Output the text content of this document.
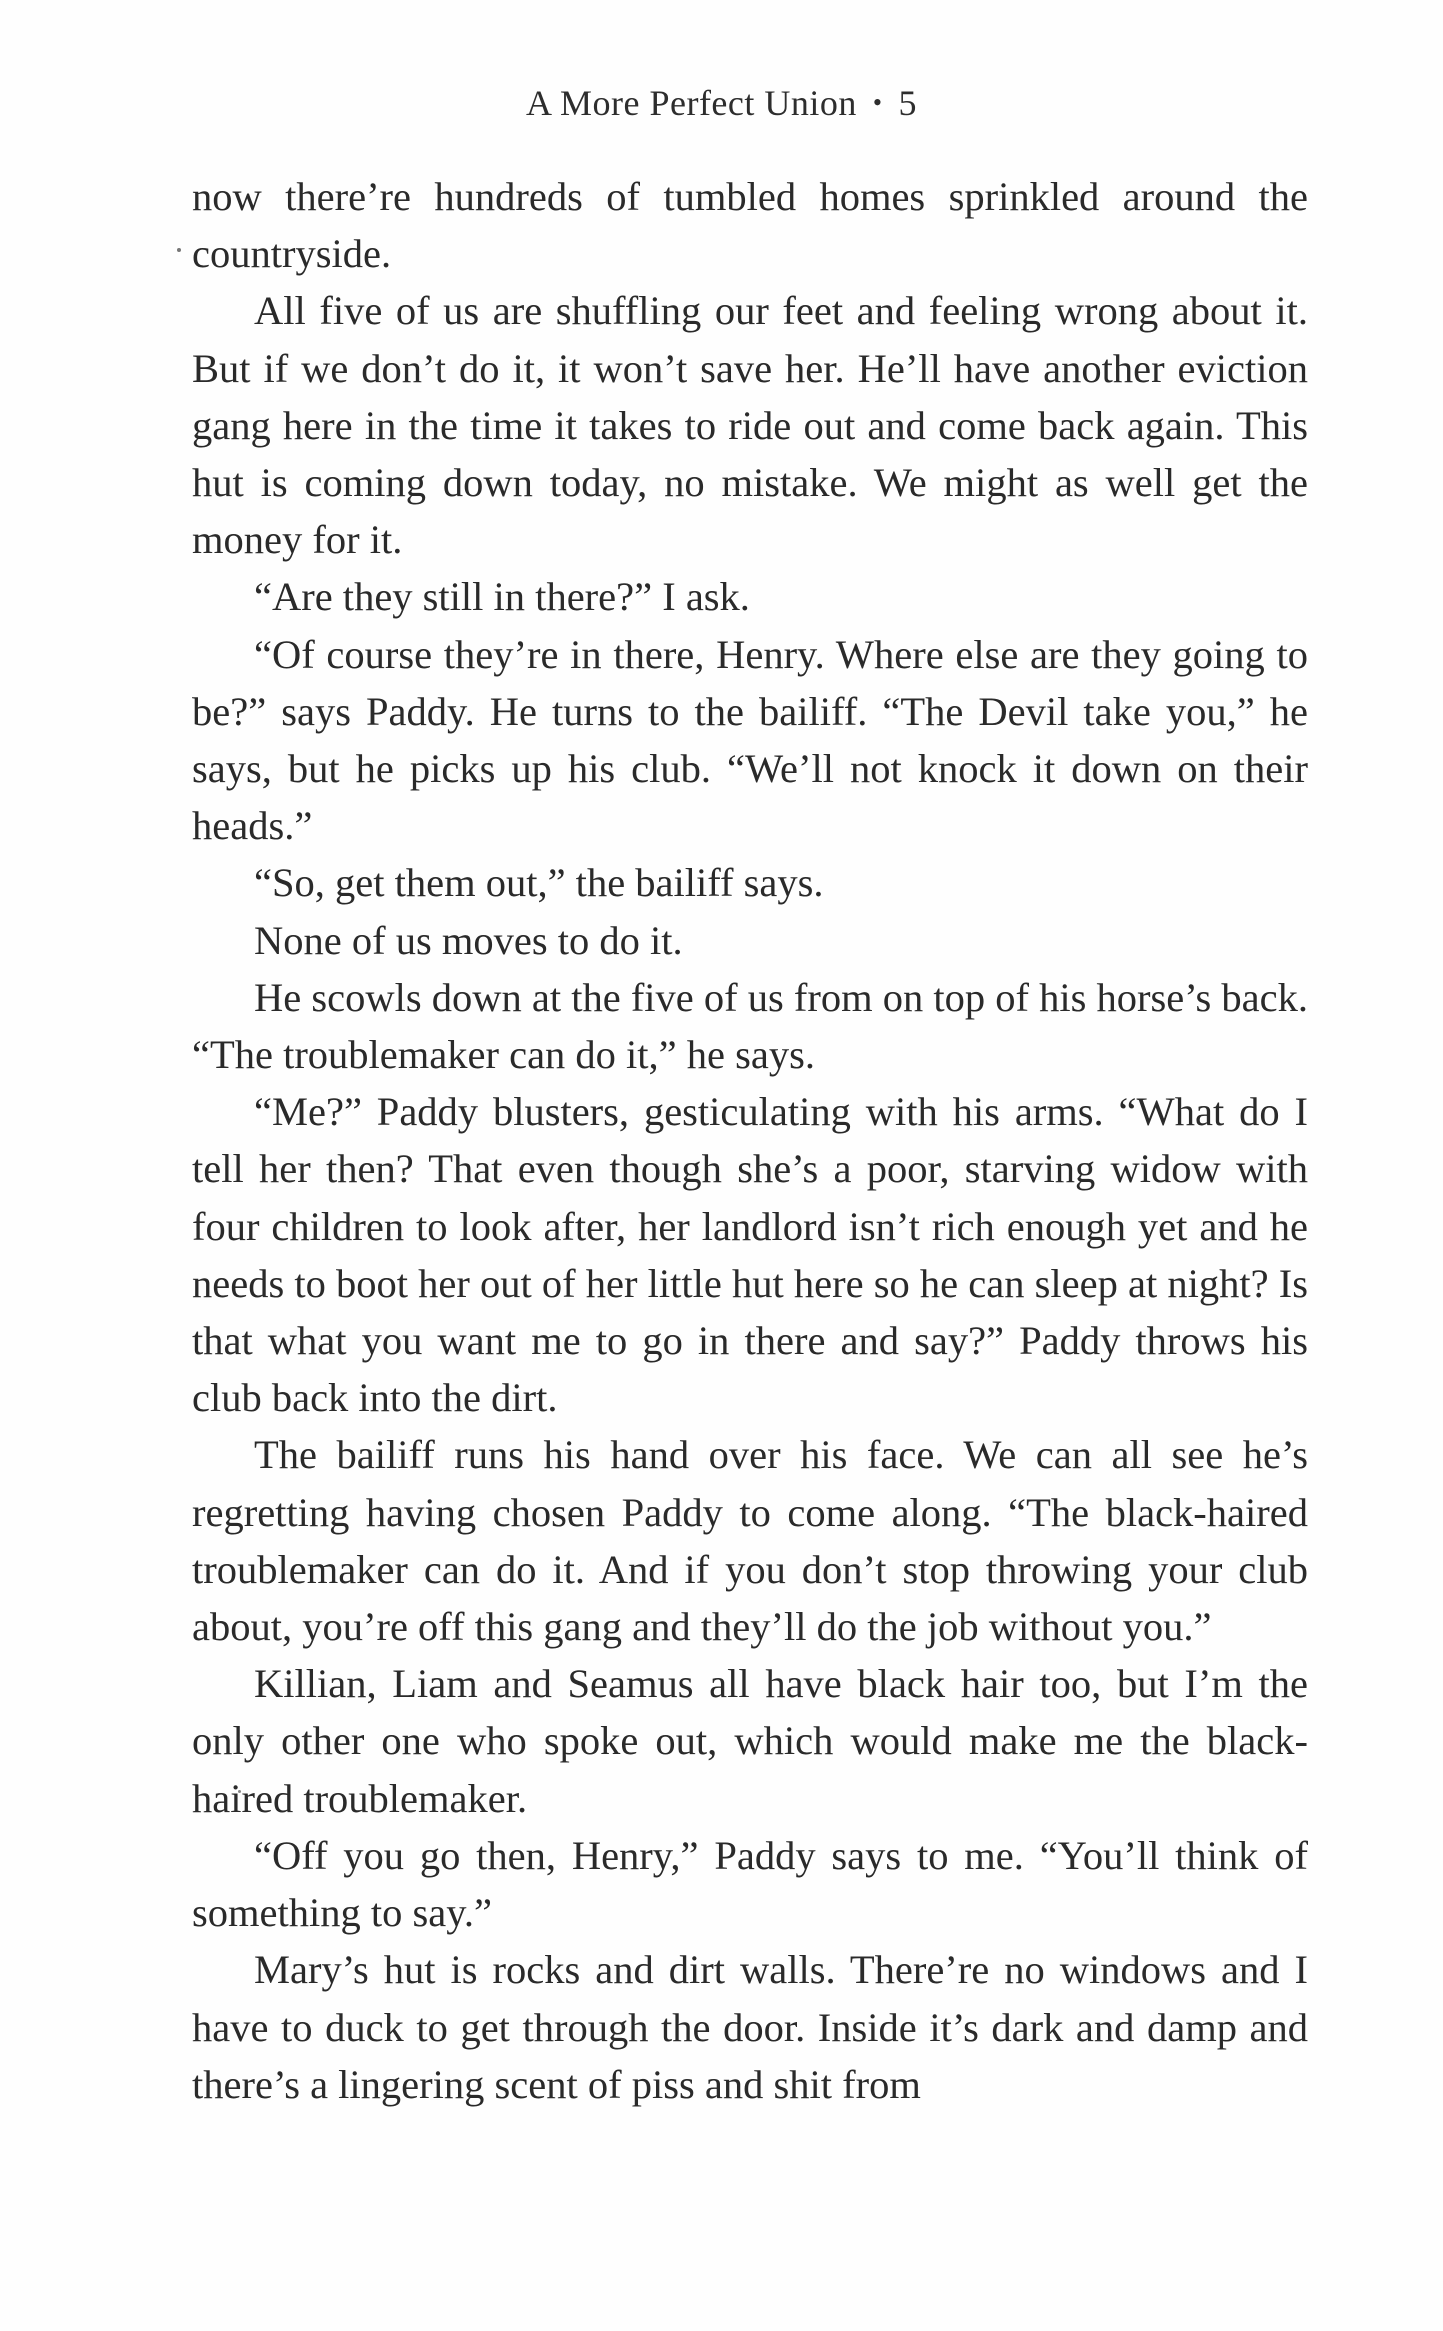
A More Perfect Union • 5

now there’re hundreds of tumbled homes sprinkled around the countryside.

All five of us are shuffling our feet and feeling wrong about it. But if we don’t do it, it won’t save her. He’ll have another eviction gang here in the time it takes to ride out and come back again. This hut is coming down today, no mistake. We might as well get the money for it.

“Are they still in there?” I ask.

“Of course they’re in there, Henry. Where else are they going to be?” says Paddy. He turns to the bailiff. “The Devil take you,” he says, but he picks up his club. “We’ll not knock it down on their heads.”

“So, get them out,” the bailiff says.

None of us moves to do it.

He scowls down at the five of us from on top of his horse’s back. “The troublemaker can do it,” he says.

“Me?” Paddy blusters, gesticulating with his arms. “What do I tell her then? That even though she’s a poor, starving widow with four children to look after, her landlord isn’t rich enough yet and he needs to boot her out of her little hut here so he can sleep at night? Is that what you want me to go in there and say?” Paddy throws his club back into the dirt.

The bailiff runs his hand over his face. We can all see he’s regretting having chosen Paddy to come along. “The black-haired troublemaker can do it. And if you don’t stop throwing your club about, you’re off this gang and they’ll do the job without you.”

Killian, Liam and Seamus all have black hair too, but I’m the only other one who spoke out, which would make me the black-haired troublemaker.

“Off you go then, Henry,” Paddy says to me. “You’ll think of something to say.”

Mary’s hut is rocks and dirt walls. There’re no windows and I have to duck to get through the door. Inside it’s dark and damp and there’s a lingering scent of piss and shit from
